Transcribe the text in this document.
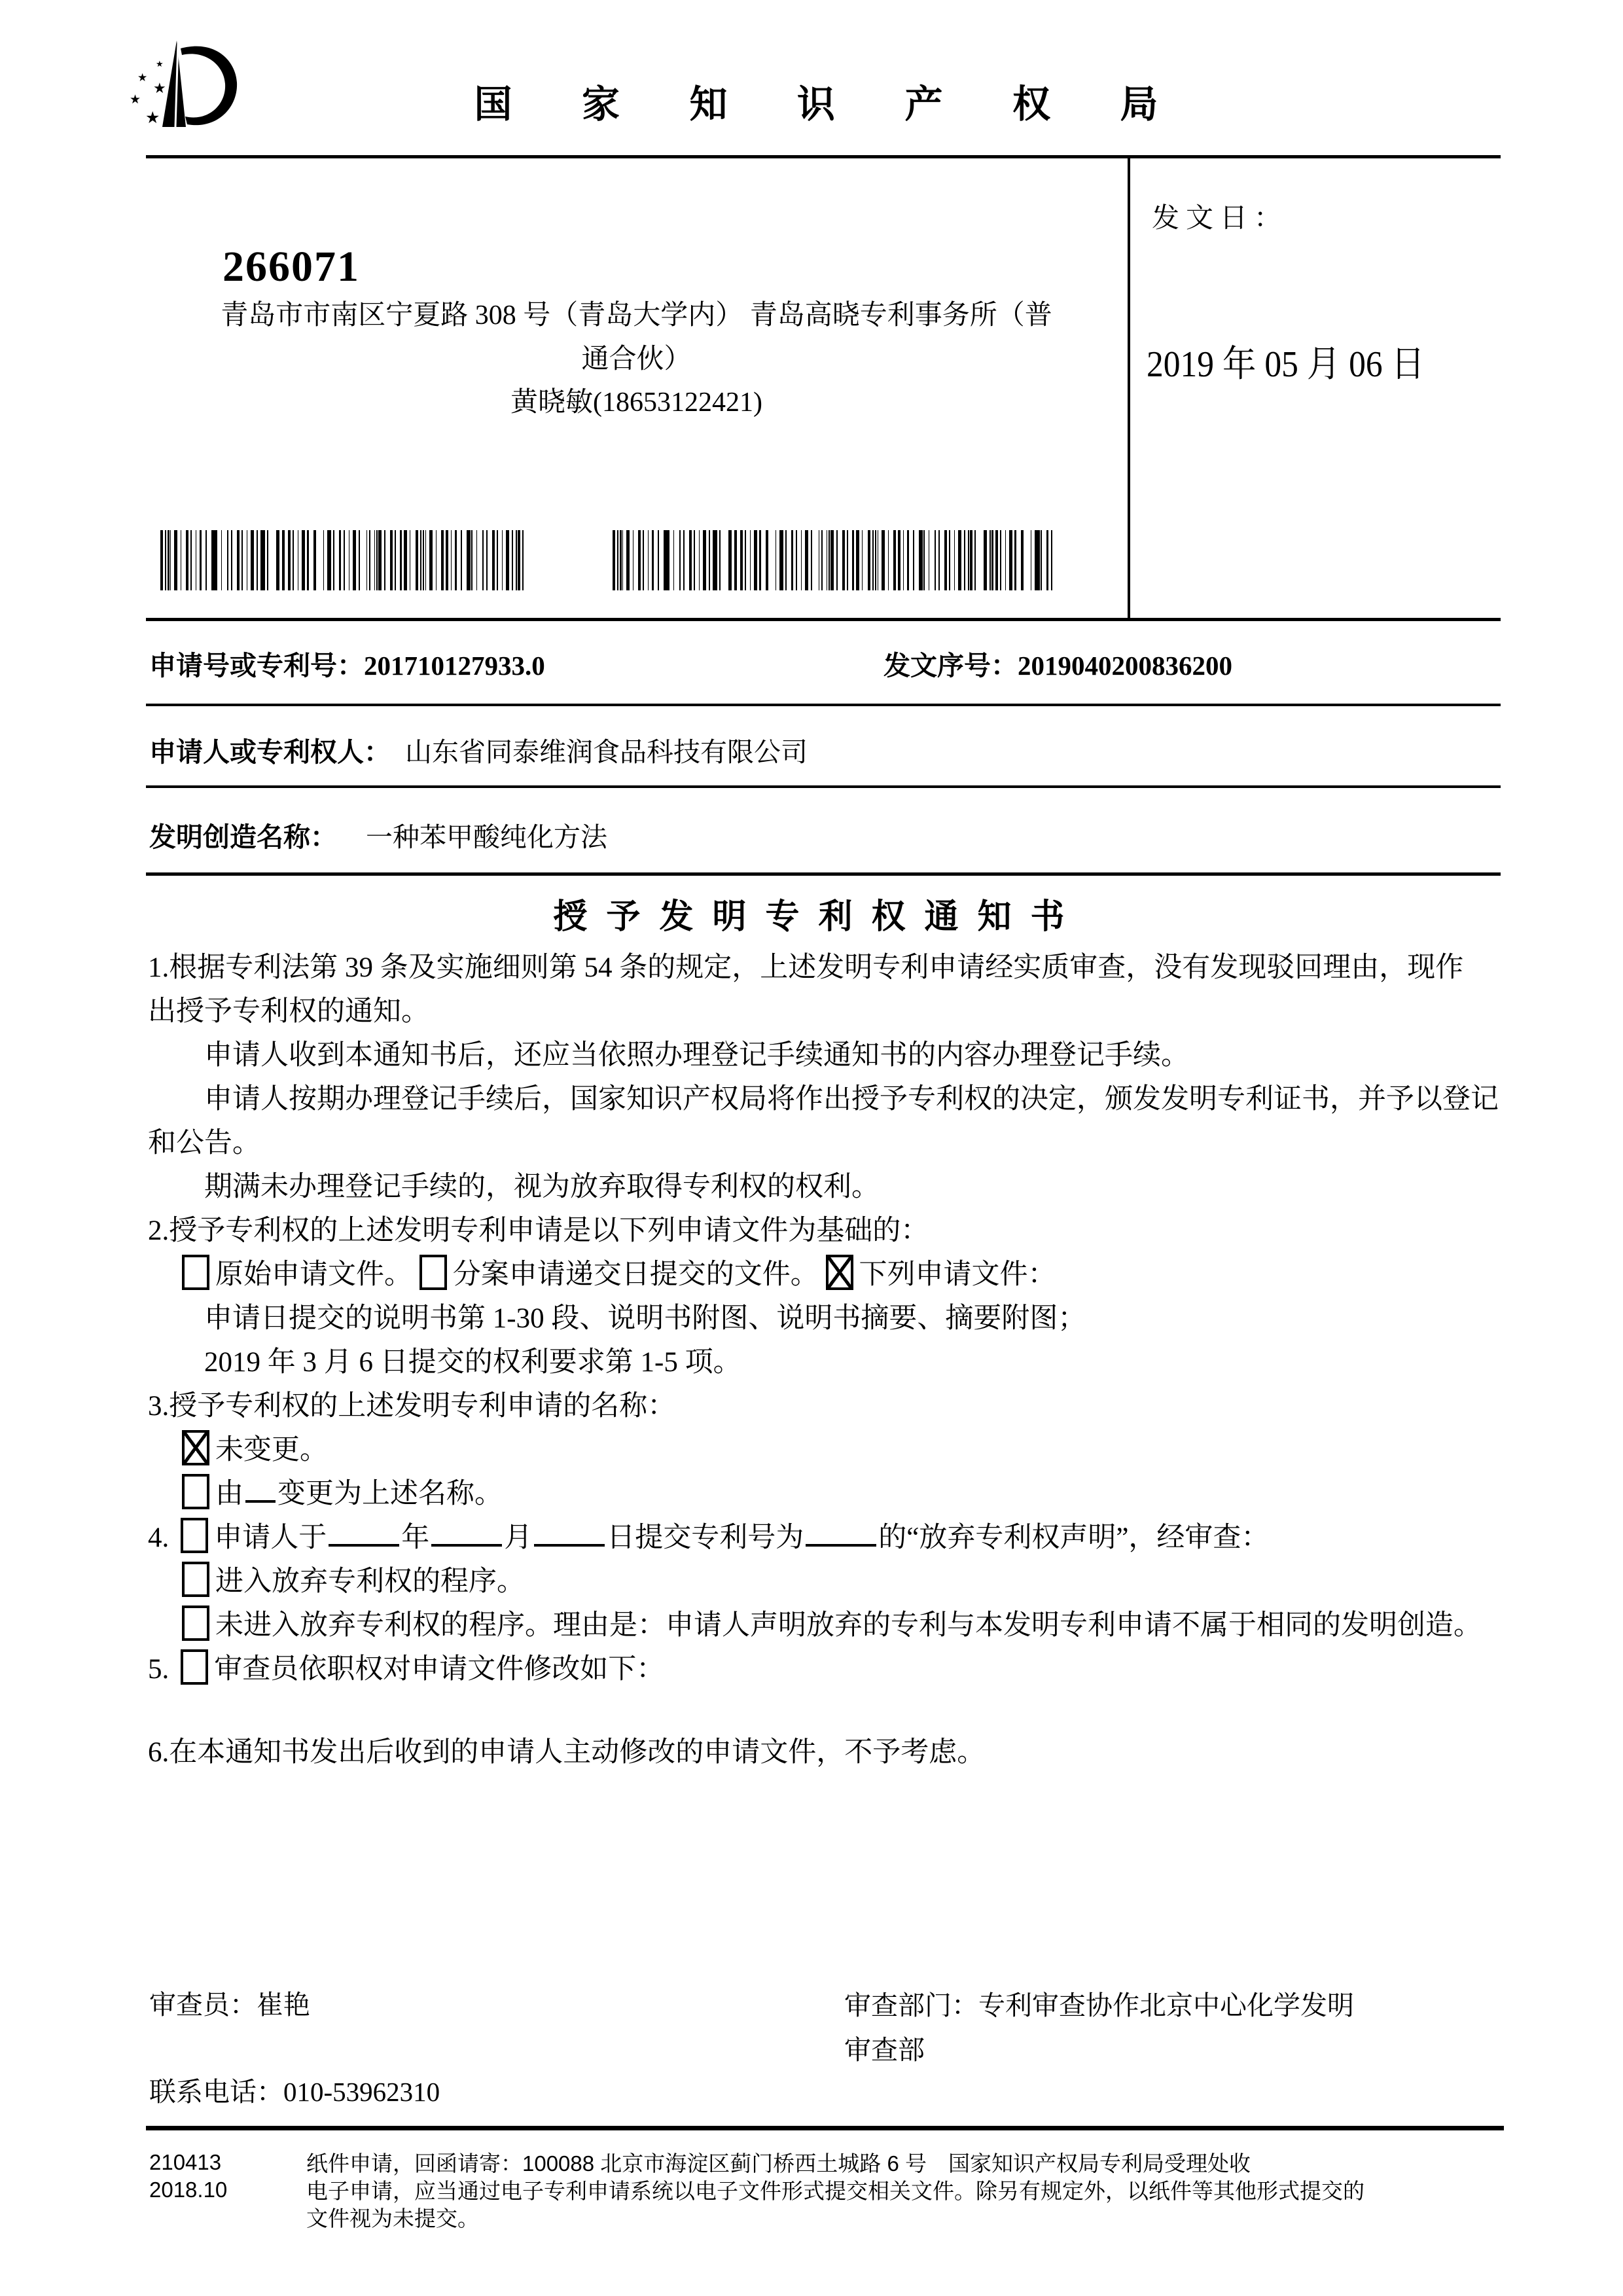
★
★
★
★
★	国 家 知 识 产 权 局
266071
青岛市市南区宁夏路 308 号（青岛大学内） 青岛高晓专利事务所（普
通合伙）
黄晓敏(18653122421)
发文日：
2019 年 05 月 06 日
申请号或专利号：201710127933.0	发文序号：2019040200836200
申请人或专利权人： 山东省同泰维润食品科技有限公司
发明创造名称： 一种苯甲酸纯化方法
授 予 发 明 专 利 权 通 知 书
1.根据专利法第 39 条及实施细则第 54 条的规定，上述发明专利申请经实质审查，没有发现驳回理由，现作
出授予专利权的通知。
申请人收到本通知书后，还应当依照办理登记手续通知书的内容办理登记手续。
申请人按期办理登记手续后，国家知识产权局将作出授予专利权的决定，颁发发明专利证书，并予以登记
和公告。
期满未办理登记手续的，视为放弃取得专利权的权利。
2.授予专利权的上述发明专利申请是以下列申请文件为基础的：
原始申请文件。 分案申请递交日提交的文件。 下列申请文件：
申请日提交的说明书第 1-30 段、说明书附图、说明书摘要、摘要附图；
2019 年 3 月 6 日提交的权利要求第 1-5 项。
3.授予专利权的上述发明专利申请的名称：
未变更。
由 变更为上述名称。
4. 申请人于	年	月	日提交专利号为	的“放弃专利权声明”，经审查：
进入放弃专利权的程序。
未进入放弃专利权的程序。理由是：申请人声明放弃的专利与本发明专利申请不属于相同的发明创造。
5. 审查员依职权对申请文件修改如下：
6.在本通知书发出后收到的申请人主动修改的申请文件，不予考虑。
审查员：崔艳	审查部门：专利审查协作北京中心化学发明
审查部
联系电话：010-53962310
210413
2018.10
纸件申请，回函请寄：100088 北京市海淀区蓟门桥西土城路 6 号　国家知识产权局专利局受理处收
电子申请，应当通过电子专利申请系统以电子文件形式提交相关文件。除另有规定外，以纸件等其他形式提交的
文件视为未提交。
